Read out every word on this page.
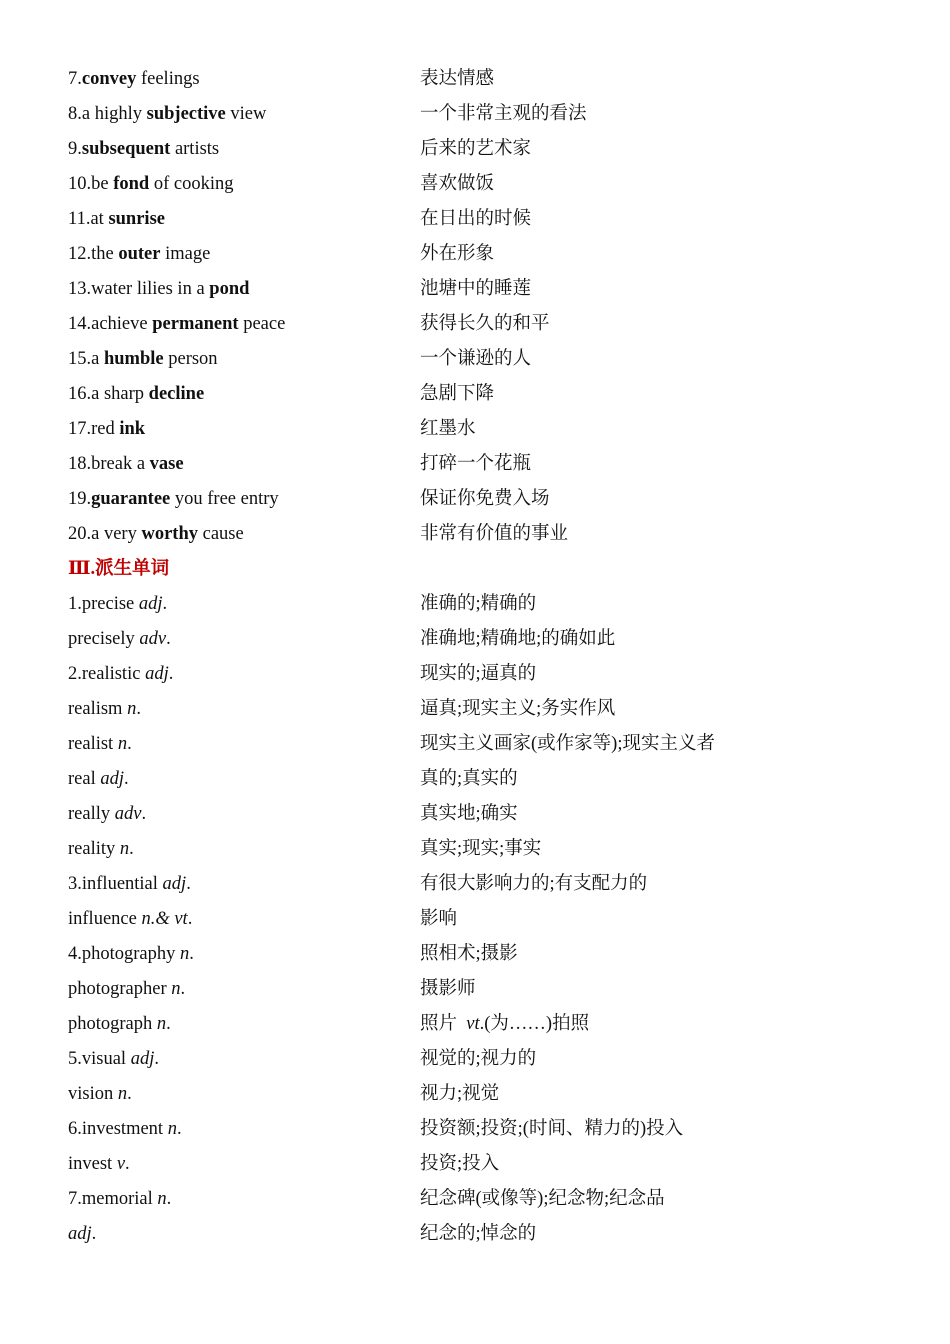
7.convey feelings	表达情感
8.a highly subjective view	一个非常主观的看法
9.subsequent artists	后来的艺术家
10.be fond of cooking	喜欢做饭
11.at sunrise	在日出的时候
12.the outer image	外在形象
13.water lilies in a pond	池塘中的睡莲
14.achieve permanent peace	获得长久的和平
15.a humble person	一个谦逊的人
16.a sharp decline	急剧下降
17.red ink	红墨水
18.break a vase	打碎一个花瓶
19.guarantee you free entry	保证你免费入场
20.a very worthy cause	非常有价值的事业
Ⅲ.派生单词
1.precise adj.	准确的;精确的
precisely adv.	准确地;精确地;的确如此
2.realistic adj.	现实的;逼真的
realism n.	逼真;现实主义;务实作风
realist n.	现实主义画家(或作家等);现实主义者
real adj.	真的;真实的
really adv.	真实地;确实
reality n.	真实;现实;事实
3.influential adj.	有很大影响力的;有支配力的
influence n.& vt.	影响
4.photography n.	照相术;摄影
photographer n.	摄影师
photograph n.	照片  vt.(为……)拍照
5.visual adj.	视觉的;视力的
vision n.	视力;视觉
6.investment n.	投资额;投资;(时间、精力的)投入
invest v.	投资;投入
7.memorial n.	纪念碑(或像等);纪念物;纪念品
adj.	纪念的;悼念的
